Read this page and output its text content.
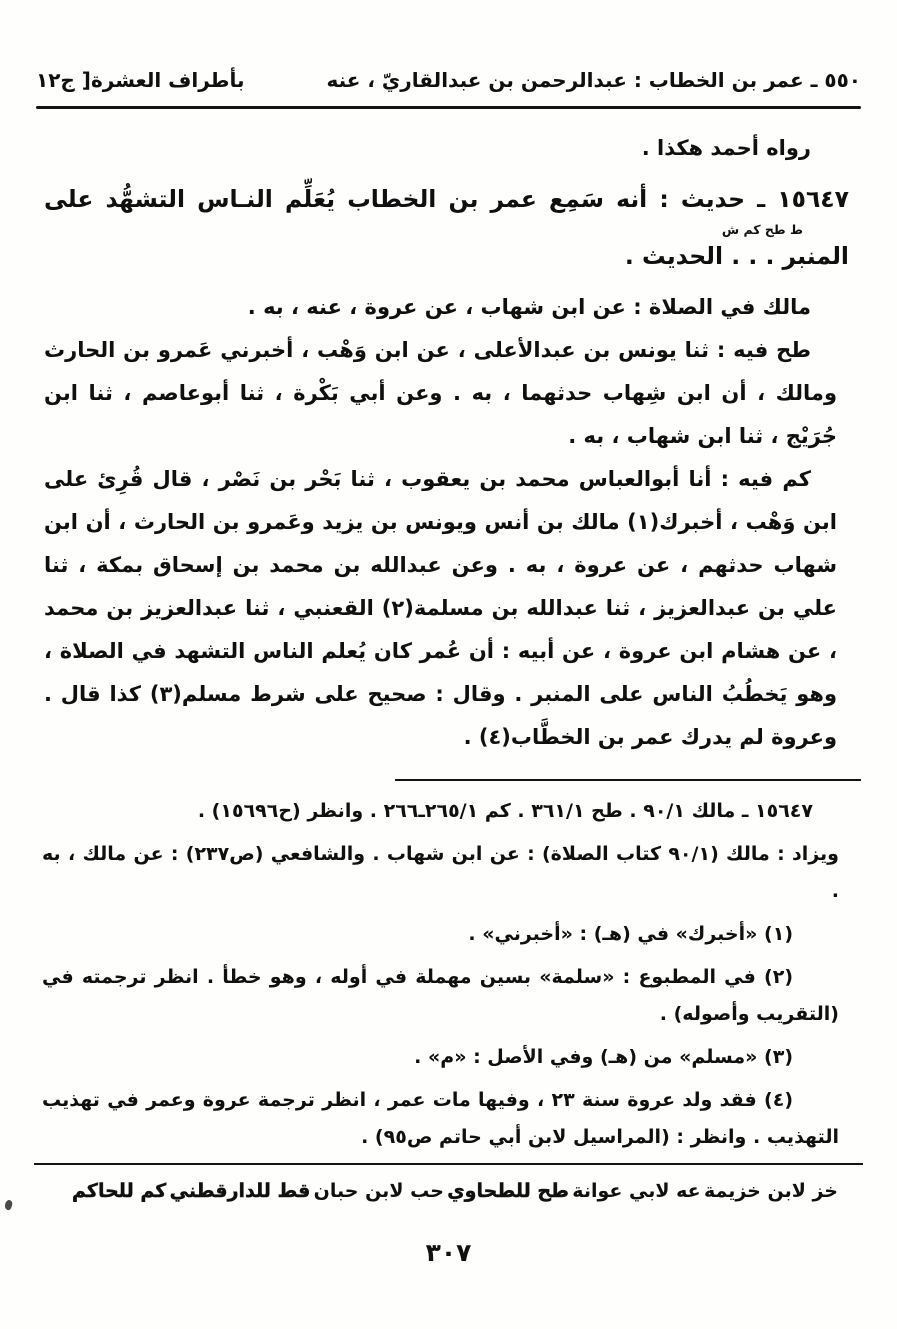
٥٥٠ ـ عمر بن الخطاب : عبدالرحمن بن عبدالقاريّ ، عنه
بأطراف العشرة[ ج١٢

رواه أحمد هكذا .

١٥٦٤٧ ـ حديث : أنه سَمِع عمر بن الخطاب يُعَلِّم النـاس التشهُّد على
ط طح كم ش
المنبر . . . الحديث .

مالك في الصلاة : عن ابن شهاب ، عن عروة ، عنه ، به .

طح فيه : ثنا يونس بن عبدالأعلى ، عن ابن وَهْب ، أخبرني عَمرو بن الحارث ومالك ، أن ابن شِهاب حدثهما ، به . وعن أبي بَكْرة ، ثنا أبوعاصم ، ثنا ابن جُرَيْج ، ثنا ابن شهاب ، به .

كم فيه : أنا أبوالعباس محمد بن يعقوب ، ثنا بَحْر بن نَصْر ، قال قُرِئ على ابن وَهْب ، أخبرك(١) مالك بن أنس ويونس بن يزيد وعَمرو بن الحارث ، أن ابن شهاب حدثهم ، عن عروة ، به . وعن عبدالله بن محمد بن إسحاق بمكة ، ثنا علي بن عبدالعزيز ، ثنا عبدالله بن مسلمة(٢) القعنبي ، ثنا عبدالعزيز بن محمد ، عن هشام ابن عروة ، عن أبيه : أن عُمر كان يُعلم الناس التشهد في الصلاة ، وهو يَخطُبُ الناس على المنبر . وقال : صحيح على شرط مسلم(٣) كذا قال . وعروة لم يدرك عمر بن الخطَّاب(٤) .

١٥٦٤٧ ـ مالك ٩٠/١ . طح ٣٦١/١ . كم ٢٦٥/١ـ٢٦٦ . وانظر (ح١٥٦٩٦) .

ويزاد : مالك (٩٠/١ كتاب الصلاة) : عن ابن شهاب . والشافعي (ص٢٣٧) : عن مالك ، به .

(١) «أخبرك» في (هـ) : «أخبرني» .

(٢) في المطبوع : «سلمة» بسين مهملة في أوله ، وهو خطأ . انظر ترجمته في (التقريب وأصوله) .

(٣) «مسلم» من (هـ) وفي الأصل : «م» .

(٤) فقد ولد عروة سنة ٢٣ ، وفيها مات عمر ، انظر ترجمة عروة وعمر في تهذيب التهذيب . وانظر : (المراسيل لابن أبي حاتم ص٩٥) .

خز لابن خزيمة
عه لابي عوانة
طح للطحاوي
حب لابن حبان
قط للدارقطني
كم للحاكم
٣٠٧
